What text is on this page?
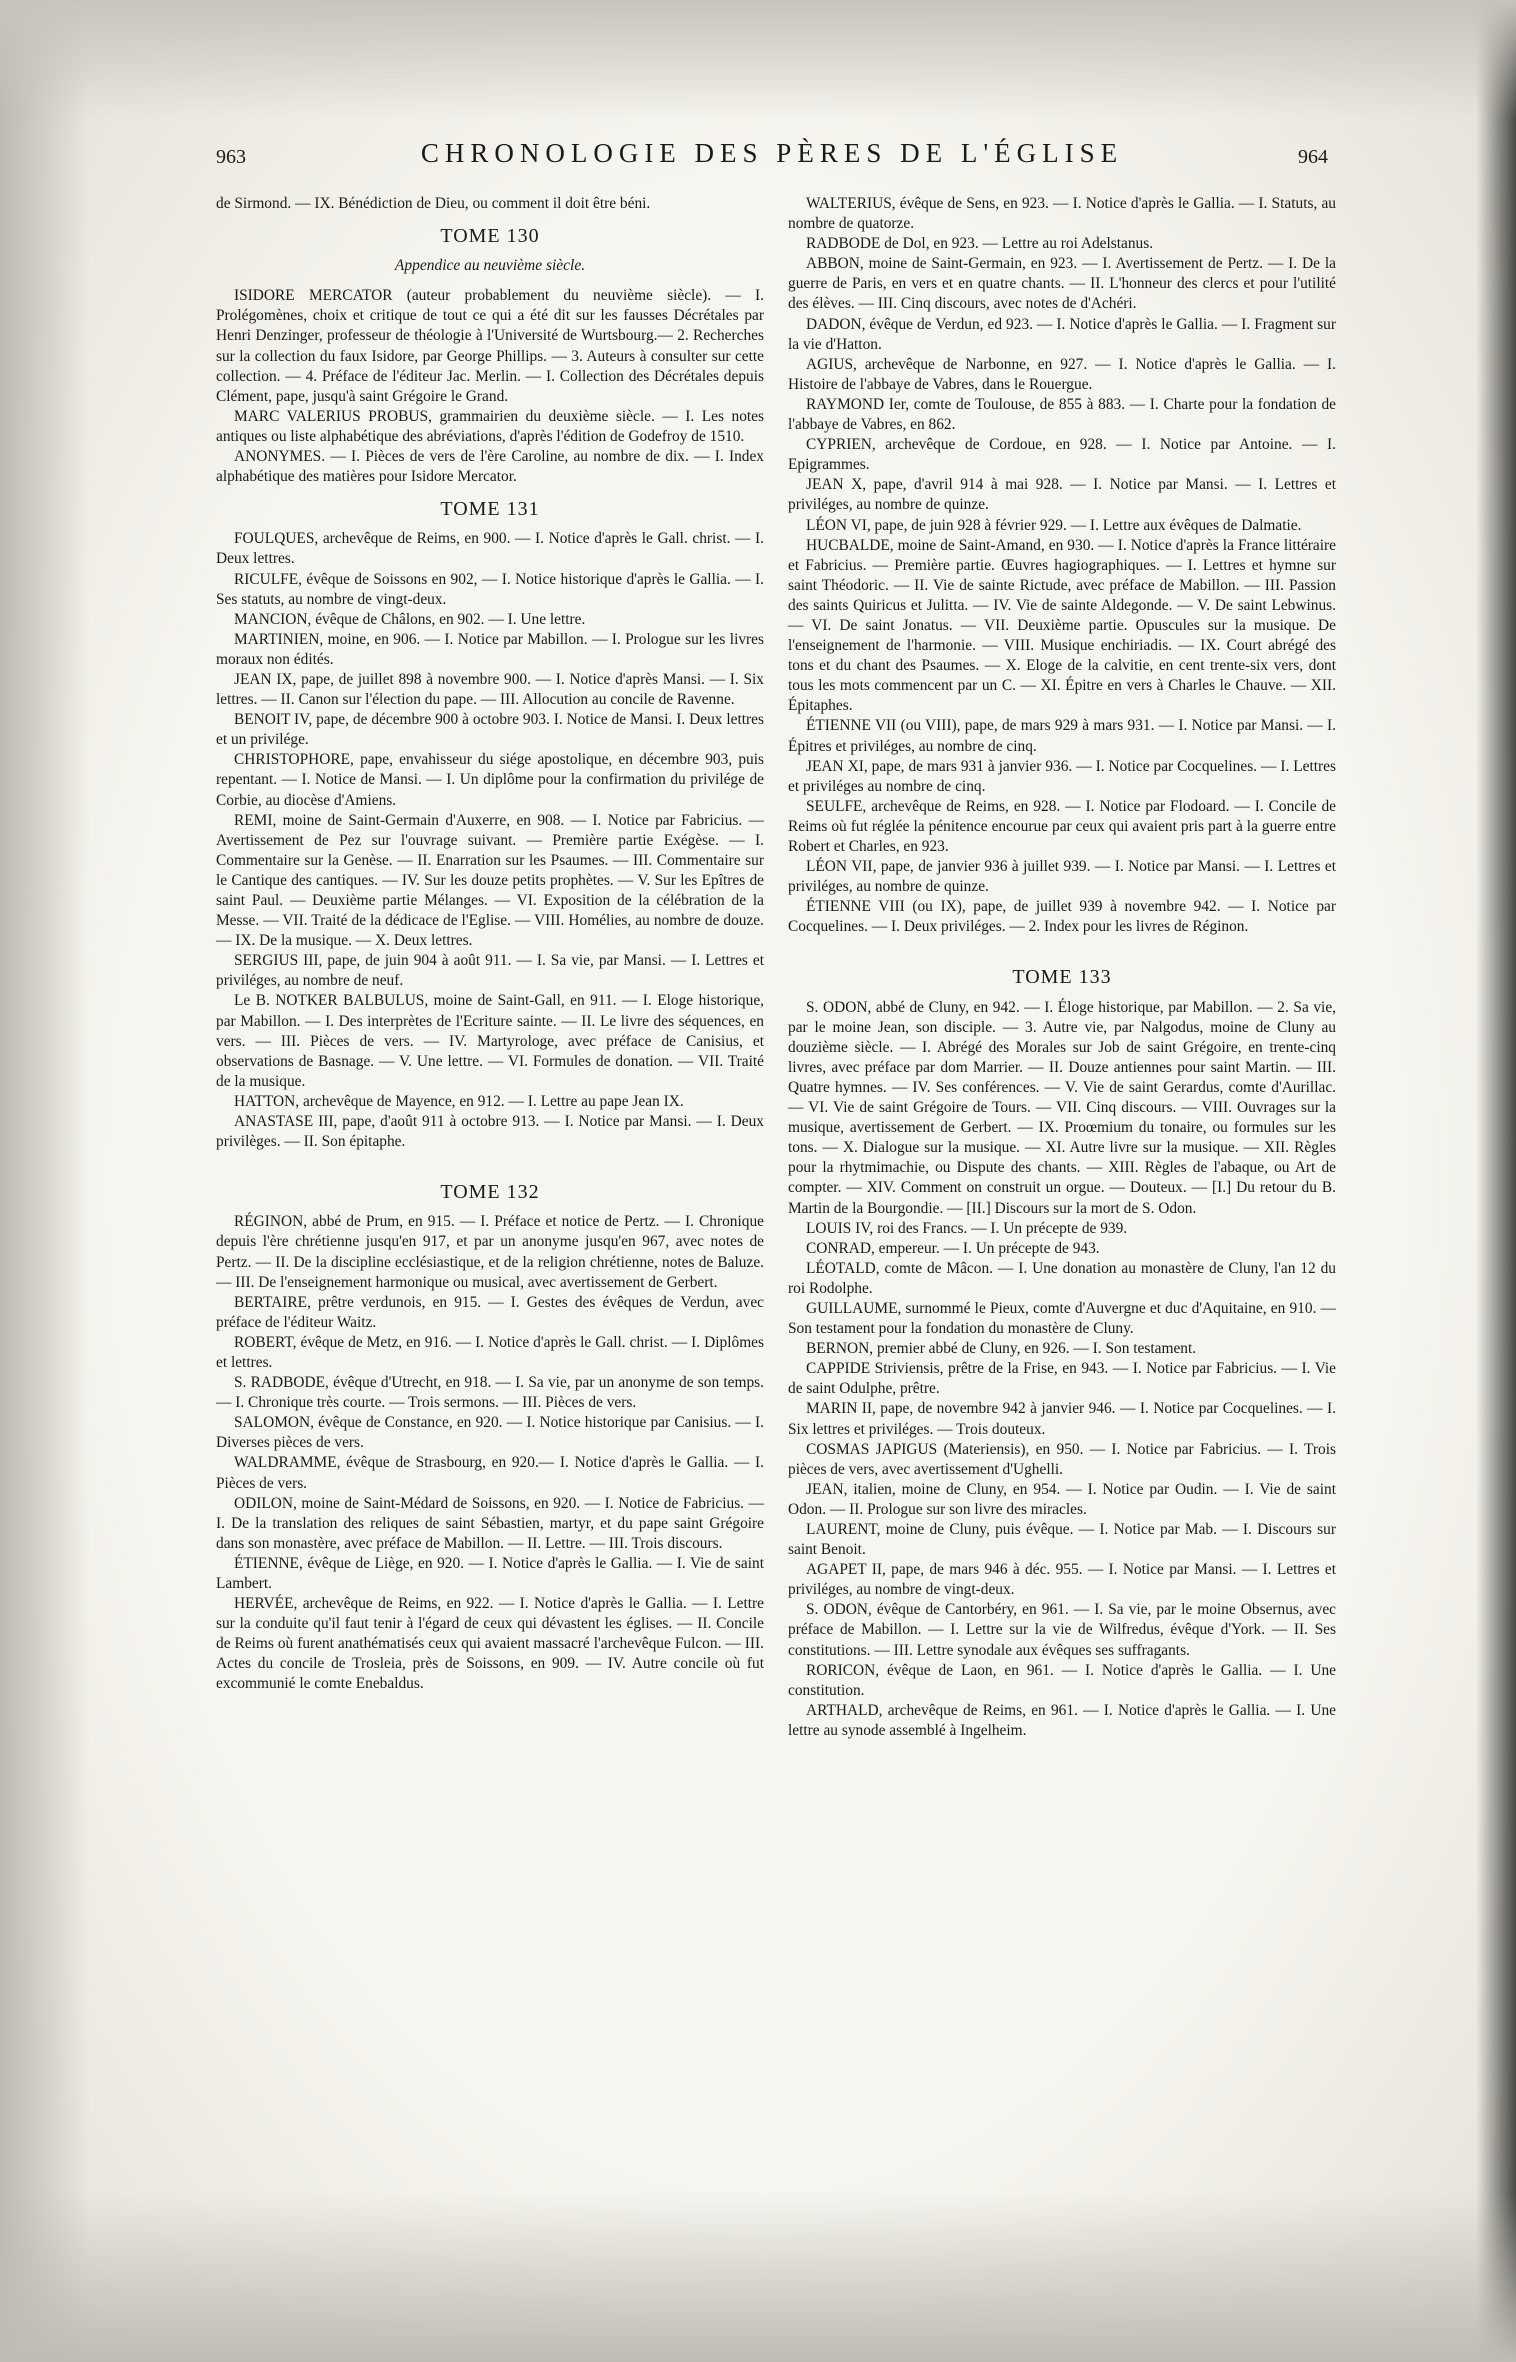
963	CHRONOLOGIE DES PÈRES DE L'ÉGLISE	964

de Sirmond. — IX. Bénédiction de Dieu, ou comment il doit être béni.

TOME 130
Appendice au neuvième siècle.

ISIDORE MERCATOR (auteur probablement du neuvième siècle). — I. Prolégomènes, choix et critique de tout ce qui a été dit sur les fausses Décrétales par Henri Denzinger, professeur de théologie à l'Université de Wurtsbourg.— 2. Recherches sur la collection du faux Isidore, par George Phillips. — 3. Auteurs à consulter sur cette collection. — 4. Préface de l'éditeur Jac. Merlin. — I. Collection des Décrétales depuis Clément, pape, jusqu'à saint Grégoire le Grand.

MARC VALERIUS PROBUS, grammairien du deuxième siècle. — I. Les notes antiques ou liste alphabétique des abréviations, d'après l'édition de Godefroy de 1510.

ANONYMES. — I. Pièces de vers de l'ère Caroline, au nombre de dix. — I. Index alphabétique des matières pour Isidore Mercator.

TOME 131

FOULQUES, archevêque de Reims, en 900. — I. Notice d'après le Gall. christ. — I. Deux lettres.

RICULFE, évêque de Soissons en 902, — I. Notice historique d'après le Gallia. — I. Ses statuts, au nombre de vingt-deux.

MANCION, évêque de Châlons, en 902. — I. Une lettre.

MARTINIEN, moine, en 906. — I. Notice par Mabillon. — I. Prologue sur les livres moraux non édités.

JEAN IX, pape, de juillet 898 à novembre 900. — I. Notice d'après Mansi. — I. Six lettres. — II. Canon sur l'élection du pape. — III. Allocution au concile de Ravenne.

BENOIT IV, pape, de décembre 900 à octobre 903. I. Notice de Mansi. I. Deux lettres et un privilége.

CHRISTOPHORE, pape, envahisseur du siége apostolique, en décembre 903, puis repentant. — I. Notice de Mansi. — I. Un diplôme pour la confirmation du privilége de Corbie, au diocèse d'Amiens.

REMI, moine de Saint-Germain d'Auxerre, en 908. — I. Notice par Fabricius. — Avertissement de Pez sur l'ouvrage suivant. — Première partie Exégèse. — I. Commentaire sur la Genèse. — II. Enarration sur les Psaumes. — III. Commentaire sur le Cantique des cantiques. — IV. Sur les douze petits prophètes. — V. Sur les Epîtres de saint Paul. — Deuxième partie Mélanges. — VI. Exposition de la célébration de la Messe. — VII. Traité de la dédicace de l'Eglise. — VIII. Homélies, au nombre de douze. — IX. De la musique. — X. Deux lettres.

SERGIUS III, pape, de juin 904 à août 911. — I. Sa vie, par Mansi. — I. Lettres et priviléges, au nombre de neuf.

Le B. NOTKER BALBULUS, moine de Saint-Gall, en 911. — I. Eloge historique, par Mabillon. — I. Des interprètes de l'Ecriture sainte. — II. Le livre des séquences, en vers. — III. Pièces de vers. — IV. Martyrologe, avec préface de Canisius, et observations de Basnage. — V. Une lettre. — VI. Formules de donation. — VII. Traité de la musique.

HATTON, archevêque de Mayence, en 912. — I. Lettre au pape Jean IX.

ANASTASE III, pape, d'août 911 à octobre 913. — I. Notice par Mansi. — I. Deux privilèges. — II. Son épitaphe.

TOME 132

RÉGINON, abbé de Prum, en 915. — I. Préface et notice de Pertz. — I. Chronique depuis l'ère chrétienne jusqu'en 917, et par un anonyme jusqu'en 967, avec notes de Pertz. — II. De la discipline ecclésiastique, et de la religion chrétienne, notes de Baluze. — III. De l'enseignement harmonique ou musical, avec avertissement de Gerbert.

BERTAIRE, prêtre verdunois, en 915. — I. Gestes des évêques de Verdun, avec préface de l'éditeur Waitz.

ROBERT, évêque de Metz, en 916. — I. Notice d'après le Gall. christ. — I. Diplômes et lettres.

S. RADBODE, évêque d'Utrecht, en 918. — I. Sa vie, par un anonyme de son temps. — I. Chronique très courte. — Trois sermons. — III. Pièces de vers.

SALOMON, évêque de Constance, en 920. — I. Notice historique par Canisius. — I. Diverses pièces de vers.

WALDRAMME, évêque de Strasbourg, en 920.— I. Notice d'après le Gallia. — I. Pièces de vers.

ODILON, moine de Saint-Médard de Soissons, en 920. — I. Notice de Fabricius. — I. De la translation des reliques de saint Sébastien, martyr, et du pape saint Grégoire dans son monastère, avec préface de Mabillon. — II. Lettre. — III. Trois discours.

ÉTIENNE, évêque de Liège, en 920. — I. Notice d'après le Gallia. — I. Vie de saint Lambert.

HERVÉE, archevêque de Reims, en 922. — I. Notice d'après le Gallia. — I. Lettre sur la conduite qu'il faut tenir à l'égard de ceux qui dévastent les églises. — II. Concile de Reims où furent anathématisés ceux qui avaient massacré l'archevêque Fulcon. — III. Actes du concile de Trosleia, près de Soissons, en 909. — IV. Autre concile où fut excommunié le comte Enebaldus.

WALTERIUS, évêque de Sens, en 923. — I. Notice d'après le Gallia. — I. Statuts, au nombre de quatorze.

RADBODE de Dol, en 923. — Lettre au roi Adelstanus.

ABBON, moine de Saint-Germain, en 923. — I. Avertissement de Pertz. — I. De la guerre de Paris, en vers et en quatre chants. — II. L'honneur des clercs et pour l'utilité des élèves. — III. Cinq discours, avec notes de d'Achéri.

DADON, évêque de Verdun, ed 923. — I. Notice d'après le Gallia. — I. Fragment sur la vie d'Hatton.

AGIUS, archevêque de Narbonne, en 927. — I. Notice d'après le Gallia. — I. Histoire de l'abbaye de Vabres, dans le Rouergue.

RAYMOND Ier, comte de Toulouse, de 855 à 883. — I. Charte pour la fondation de l'abbaye de Vabres, en 862.

CYPRIEN, archevêque de Cordoue, en 928. — I. Notice par Antoine. — I. Epigrammes.

JEAN X, pape, d'avril 914 à mai 928. — I. Notice par Mansi. — I. Lettres et priviléges, au nombre de quinze.

LÉON VI, pape, de juin 928 à février 929. — I. Lettre aux évêques de Dalmatie.

HUCBALDE, moine de Saint-Amand, en 930. — I. Notice d'après la France littéraire et Fabricius. — Première partie. Œuvres hagiographiques. — I. Lettres et hymne sur saint Théodoric. — II. Vie de sainte Rictude, avec préface de Mabillon. — III. Passion des saints Quiricus et Julitta. — IV. Vie de sainte Aldegonde. — V. De saint Lebwinus. — VI. De saint Jonatus. — VII. Deuxième partie. Opuscules sur la musique. De l'enseignement de l'harmonie. — VIII. Musique enchiriadis. — IX. Court abrégé des tons et du chant des Psaumes. — X. Eloge de la calvitie, en cent trente-six vers, dont tous les mots commencent par un C. — XI. Épitre en vers à Charles le Chauve. — XII. Épitaphes.

ÉTIENNE VII (ou VIII), pape, de mars 929 à mars 931. — I. Notice par Mansi. — I. Épitres et priviléges, au nombre de cinq.

JEAN XI, pape, de mars 931 à janvier 936. — I. Notice par Cocquelines. — I. Lettres et priviléges au nombre de cinq.

SEULFE, archevêque de Reims, en 928. — I. Notice par Flodoard. — I. Concile de Reims où fut réglée la pénitence encourue par ceux qui avaient pris part à la guerre entre Robert et Charles, en 923.

LÉON VII, pape, de janvier 936 à juillet 939. — I. Notice par Mansi. — I. Lettres et priviléges, au nombre de quinze.

ÉTIENNE VIII (ou IX), pape, de juillet 939 à novembre 942. — I. Notice par Cocquelines. — I. Deux priviléges. — 2. Index pour les livres de Réginon.

TOME 133

S. ODON, abbé de Cluny, en 942. — I. Éloge historique, par Mabillon. — 2. Sa vie, par le moine Jean, son disciple. — 3. Autre vie, par Nalgodus, moine de Cluny au douzième siècle. — I. Abrégé des Morales sur Job de saint Grégoire, en trente-cinq livres, avec préface par dom Marrier. — II. Douze antiennes pour saint Martin. — III. Quatre hymnes. — IV. Ses conférences. — V. Vie de saint Gerardus, comte d'Aurillac. — VI. Vie de saint Grégoire de Tours. — VII. Cinq discours. — VIII. Ouvrages sur la musique, avertissement de Gerbert. — IX. Proœmium du tonaire, ou formules sur les tons. — X. Dialogue sur la musique. — XI. Autre livre sur la musique. — XII. Règles pour la rhytmimachie, ou Dispute des chants. — XIII. Règles de l'abaque, ou Art de compter. — XIV. Comment on construit un orgue. — Douteux. — [I.] Du retour du B. Martin de la Bourgondie. — [II.] Discours sur la mort de S. Odon.

LOUIS IV, roi des Francs. — I. Un précepte de 939.

CONRAD, empereur. — I. Un précepte de 943.

LÉOTALD, comte de Mâcon. — I. Une donation au monastère de Cluny, l'an 12 du roi Rodolphe.

GUILLAUME, surnommé le Pieux, comte d'Auvergne et duc d'Aquitaine, en 910. — Son testament pour la fondation du monastère de Cluny.

BERNON, premier abbé de Cluny, en 926. — I. Son testament.

CAPPIDE Striviensis, prêtre de la Frise, en 943. — I. Notice par Fabricius. — I. Vie de saint Odulphe, prêtre.

MARIN II, pape, de novembre 942 à janvier 946. — I. Notice par Cocquelines. — I. Six lettres et priviléges. — Trois douteux.

COSMAS JAPIGUS (Materiensis), en 950. — I. Notice par Fabricius. — I. Trois pièces de vers, avec avertissement d'Ughelli.

JEAN, italien, moine de Cluny, en 954. — I. Notice par Oudin. — I. Vie de saint Odon. — II. Prologue sur son livre des miracles.

LAURENT, moine de Cluny, puis évêque. — I. Notice par Mab. — I. Discours sur saint Benoit.

AGAPET II, pape, de mars 946 à déc. 955. — I. Notice par Mansi. — I. Lettres et priviléges, au nombre de vingt-deux.

S. ODON, évêque de Cantorbéry, en 961. — I. Sa vie, par le moine Obsernus, avec préface de Mabillon. — I. Lettre sur la vie de Wilfredus, évêque d'York. — II. Ses constitutions. — III. Lettre synodale aux évêques ses suffragants.

RORICON, évêque de Laon, en 961. — I. Notice d'après le Gallia. — I. Une constitution.

ARTHALD, archevêque de Reims, en 961. — I. Notice d'après le Gallia. — I. Une lettre au synode assemblé à Ingelheim.
